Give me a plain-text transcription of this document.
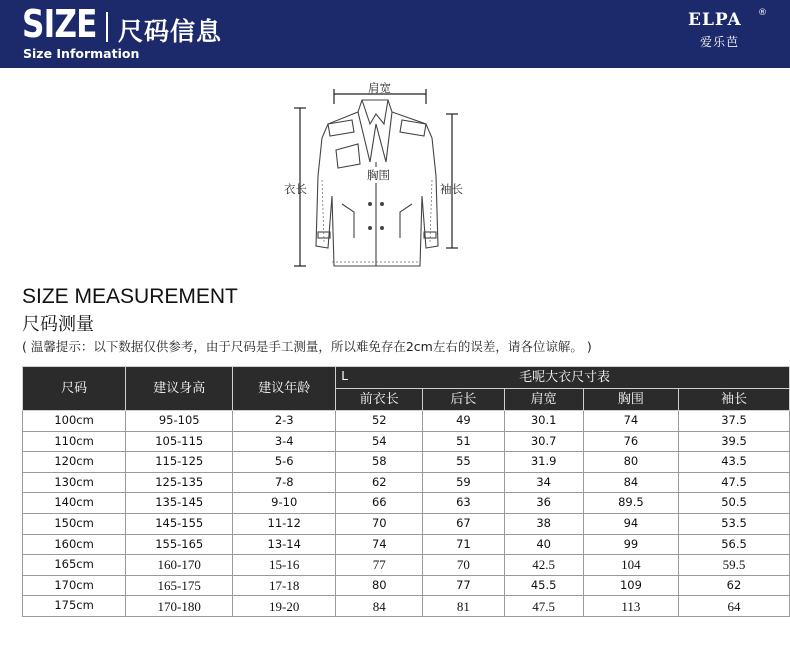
SIZE 尺码信息
Size Information
ELPA ®
爱乐芭
肩宽
胸围
衣长	袖长
SIZE MEASUREMENT
尺码测量
( 温馨提示：以下数据仅供参考，由于尺码是手工测量，所以难免存在2cm左右的误差，请各位谅解。 )
尺码	建议身高	建议年龄	L 毛呢大衣尺寸表				

			前衣长	后长	肩宽	胸围	袖长
100cm	95-105	2-3	52	49	30.1	74	37.5
110cm	105-115	3-4	54	51	30.7	76	39.5
120cm	115-125	5-6	58	55	31.9	80	43.5
130cm	125-135	7-8	62	59	34	84	47.5
140cm	135-145	9-10	66	63	36	89.5	50.5
150cm	145-155	11-12	70	67	38	94	53.5
160cm	155-165	13-14	74	71	40	99	56.5
165cm	160-170	15-16	77	70	42.5	104	59.5
170cm	165-175	17-18	80	77	45.5	109	62
175cm	170-180	19-20	84	81	47.5	113	64
